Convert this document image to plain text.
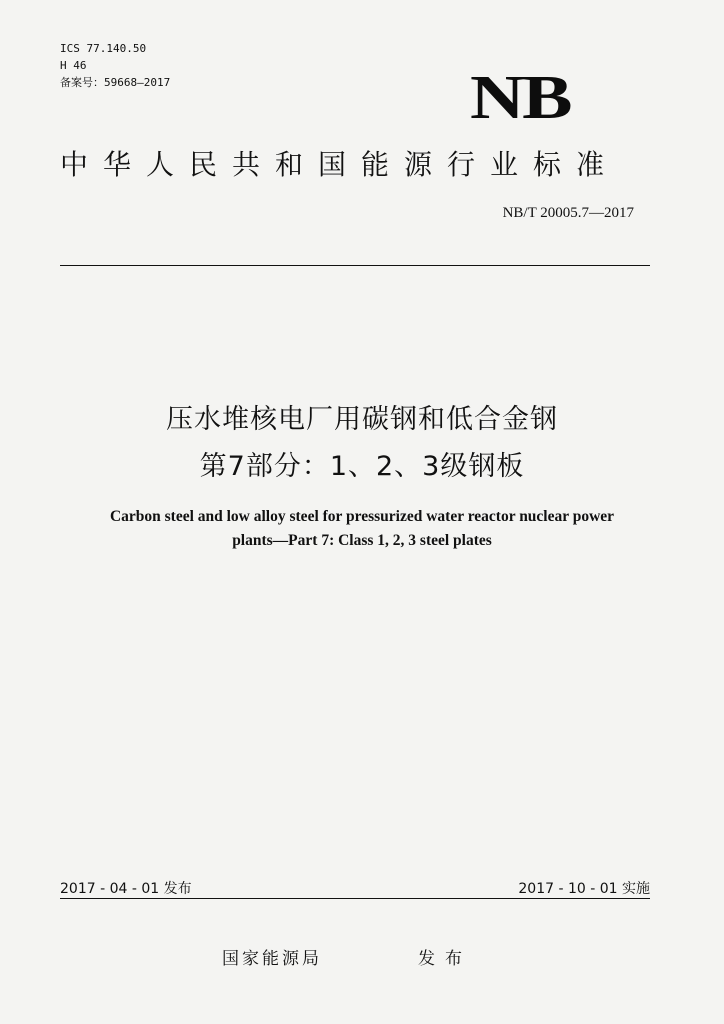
ICS 77.140.50
H 46
备案号：59668—2017	NB
中华人民共和国能源行业标准
NB/T 20005.7—2017
压水堆核电厂用碳钢和低合金钢
第7部分：1、2、3级钢板
Carbon steel and low alloy steel for pressurized water reactor nuclear power
plants—Part 7: Class 1, 2, 3 steel plates
2017 - 04 - 01 发布	2017 - 10 - 01 实施
国家能源局	发布
